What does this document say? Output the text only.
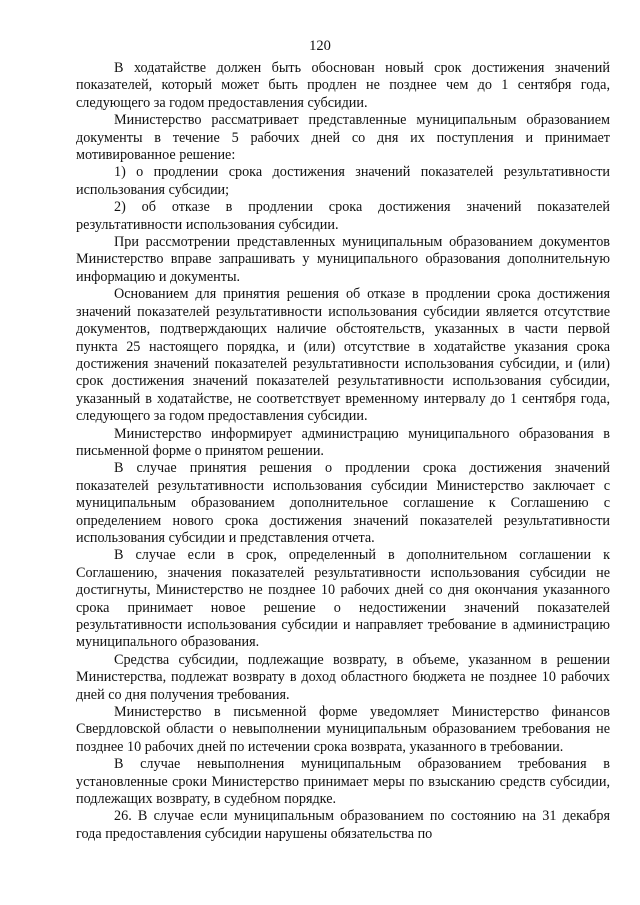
120

В ходатайстве должен быть обоснован новый срок достижения значений показателей, который может быть продлен не позднее чем до 1 сентября года, следующего за годом предоставления субсидии.

Министерство рассматривает представленные муниципальным образованием документы в течение 5 рабочих дней со дня их поступления и принимает мотивированное решение:

1) о продлении срока достижения значений показателей результативности использования субсидии;

2) об отказе в продлении срока достижения значений показателей результативности использования субсидии.

При рассмотрении представленных муниципальным образованием документов Министерство вправе запрашивать у муниципального образования дополнительную информацию и документы.

Основанием для принятия решения об отказе в продлении срока достижения значений показателей результативности использования субсидии является отсутствие документов, подтверждающих наличие обстоятельств, указанных в части первой пункта 25 настоящего порядка, и (или) отсутствие в ходатайстве указания срока достижения значений показателей результативности использования субсидии, и (или) срок достижения значений показателей результативности использования субсидии, указанный в ходатайстве, не соответствует временному интервалу до 1 сентября года, следующего за годом предоставления субсидии.

Министерство информирует администрацию муниципального образования в письменной форме о принятом решении.

В случае принятия решения о продлении срока достижения значений показателей результативности использования субсидии Министерство заключает с муниципальным образованием дополнительное соглашение к Соглашению с определением нового срока достижения значений показателей результативности использования субсидии и представления отчета.

В случае если в срок, определенный в дополнительном соглашении к Соглашению, значения показателей результативности использования субсидии не достигнуты, Министерство не позднее 10 рабочих дней со дня окончания указанного срока принимает новое решение о недостижении значений показателей результативности использования субсидии и направляет требование в администрацию муниципального образования.

Средства субсидии, подлежащие возврату, в объеме, указанном в решении Министерства, подлежат возврату в доход областного бюджета не позднее 10 рабочих дней со дня получения требования.

Министерство в письменной форме уведомляет Министерство финансов Свердловской области о невыполнении муниципальным образованием требования не позднее 10 рабочих дней по истечении срока возврата, указанного в требовании.

В случае невыполнения муниципальным образованием требования в установленные сроки Министерство принимает меры по взысканию средств субсидии, подлежащих возврату, в судебном порядке.

26. В случае если муниципальным образованием по состоянию на 31 декабря года предоставления субсидии нарушены обязательства по
